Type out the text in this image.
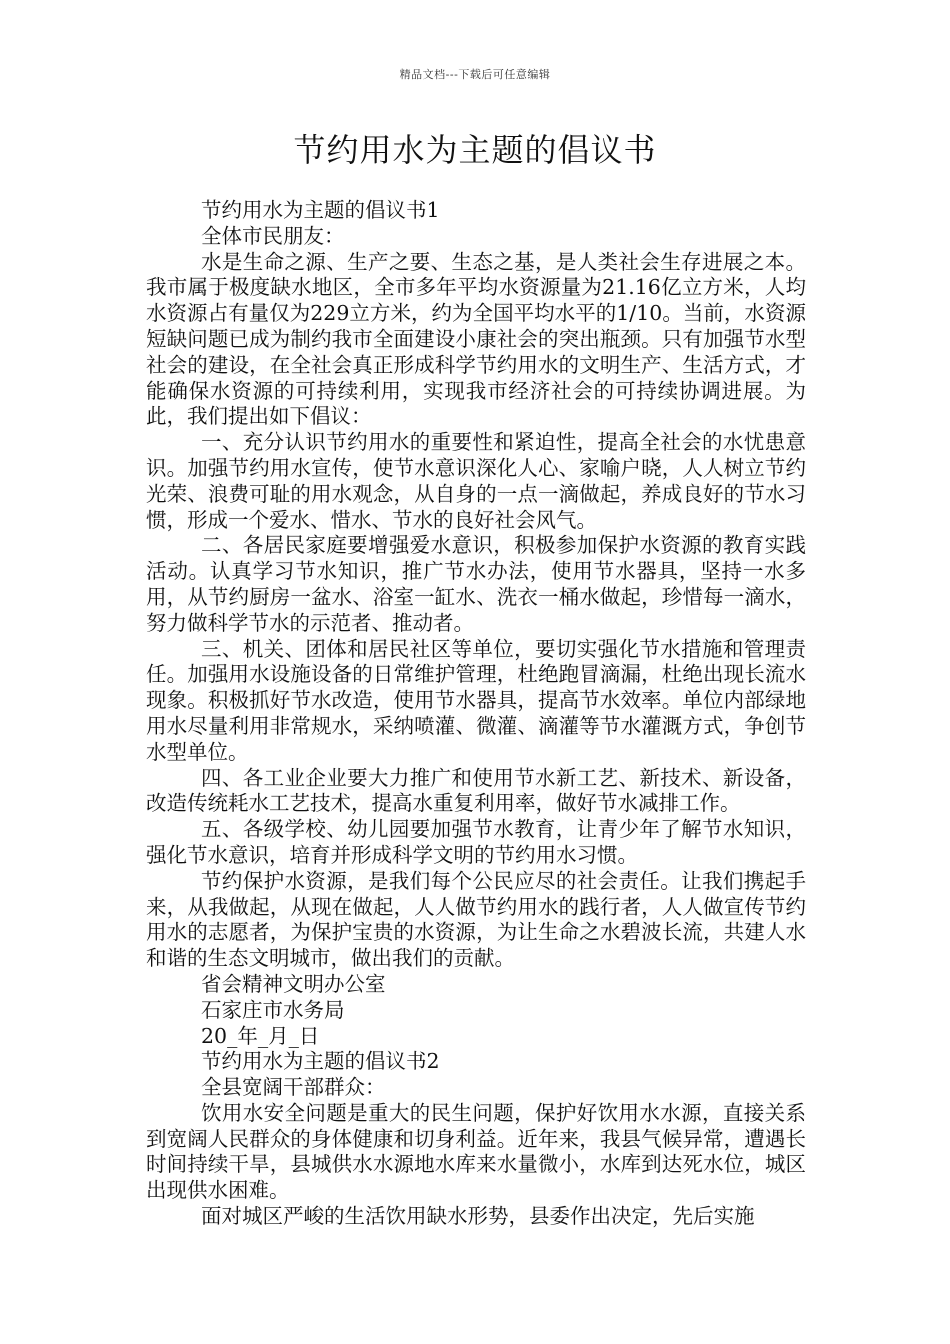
精品文档---下载后可任意编辑
节约用水为主题的倡议书

节约用水为主题的倡议书1

全体市民朋友：

水是生命之源、生产之要、生态之基，是人类社会生存进展之本。我市属于极度缺水地区，全市多年平均水资源量为21.16亿立方米，人均水资源占有量仅为229立方米，约为全国平均水平的1/10。当前，水资源短缺问题已成为制约我市全面建设小康社会的突出瓶颈。只有加强节水型社会的建设，在全社会真正形成科学节约用水的文明生产、生活方式，才能确保水资源的可持续利用，实现我市经济社会的可持续协调进展。为此，我们提出如下倡议：

一、充分认识节约用水的重要性和紧迫性，提高全社会的水忧患意识。加强节约用水宣传，使节水意识深化人心、家喻户晓，人人树立节约光荣、浪费可耻的用水观念，从自身的一点一滴做起，养成良好的节水习惯，形成一个爱水、惜水、节水的良好社会风气。

二、各居民家庭要增强爱水意识，积极参加保护水资源的教育实践活动。认真学习节水知识，推广节水办法，使用节水器具，坚持一水多用，从节约厨房一盆水、浴室一缸水、洗衣一桶水做起，珍惜每一滴水，努力做科学节水的示范者、推动者。

三、机关、团体和居民社区等单位，要切实强化节水措施和管理责任。加强用水设施设备的日常维护管理，杜绝跑冒滴漏，杜绝出现长流水现象。积极抓好节水改造，使用节水器具，提高节水效率。单位内部绿地用水尽量利用非常规水，采纳喷灌、微灌、滴灌等节水灌溉方式，争创节水型单位。

四、各工业企业要大力推广和使用节水新工艺、新技术、新设备，改造传统耗水工艺技术，提高水重复利用率，做好节水减排工作。

五、各级学校、幼儿园要加强节水教育，让青少年了解节水知识，强化节水意识，培育并形成科学文明的节约用水习惯。

节约保护水资源，是我们每个公民应尽的社会责任。让我们携起手来，从我做起，从现在做起，人人做节约用水的践行者，人人做宣传节约用水的志愿者，为保护宝贵的水资源，为让生命之水碧波长流，共建人水和谐的生态文明城市，做出我们的贡献。

省会精神文明办公室

石家庄市水务局

20_年_月_日

节约用水为主题的倡议书2

全县宽阔干部群众：

饮用水安全问题是重大的民生问题，保护好饮用水水源，直接关系到宽阔人民群众的身体健康和切身利益。近年来，我县气候异常，遭遇长时间持续干旱，县城供水水源地水库来水量微小，水库到达死水位，城区出现供水困难。

面对城区严峻的生活饮用缺水形势，县委作出决定，先后实施
